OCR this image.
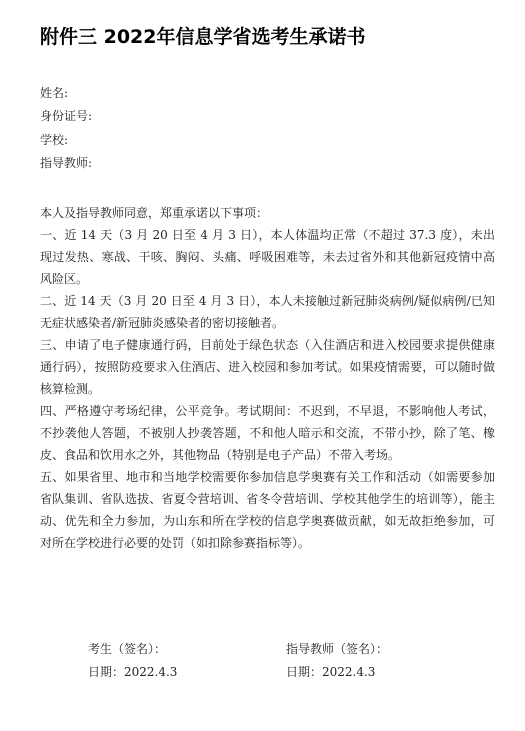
附件三 2022年信息学省选考生承诺书
姓名:
身份证号:
学校:
指导教师:

本人及指导教师同意，郑重承诺以下事项：

一、近 14 天（3 月 20 日至 4 月 3 日），本人体温均正常（不超过 37.3 度），未出现过发热、寒战、干咳、胸闷、头痛、呼吸困难等，未去过省外和其他新冠疫情中高风险区。

二、近 14 天（3 月 20 日至 4 月 3 日），本人未接触过新冠肺炎病例/疑似病例/已知无症状感染者/新冠肺炎感染者的密切接触者。

三、申请了电子健康通行码，目前处于绿色状态（入住酒店和进入校园要求提供健康通行码），按照防疫要求入住酒店、进入校园和参加考试。如果疫情需要，可以随时做核算检测。

四、严格遵守考场纪律，公平竞争。考试期间：不迟到，不早退，不影响他人考试，不抄袭他人答题，不被别人抄袭答题，不和他人暗示和交流，不带小抄，除了笔、橡皮、食品和饮用水之外，其他物品（特别是电子产品）不带入考场。

五、如果省里、地市和当地学校需要你参加信息学奥赛有关工作和活动（如需要参加省队集训、省队选拔、省夏令营培训、省冬令营培训、学校其他学生的培训等），能主动、优先和全力参加，为山东和所在学校的信息学奥赛做贡献，如无故拒绝参加，可对所在学校进行必要的处罚（如扣除参赛指标等）。

考生（签名）：
日期：2022.4.3
指导教师（签名）：
日期：2022.4.3
